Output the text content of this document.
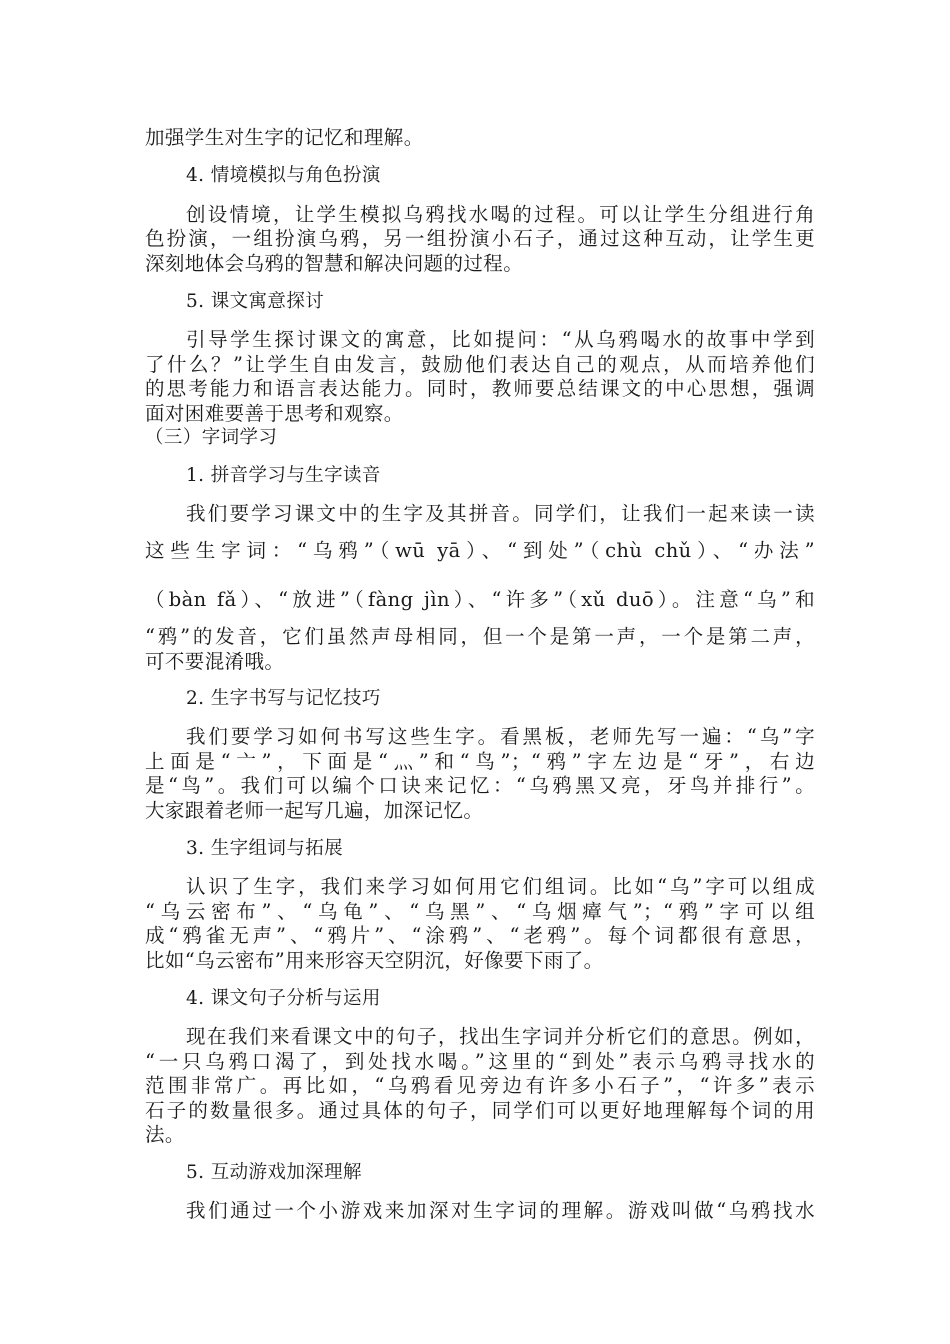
加强学生对生字的记忆和理解。
4. 情境模拟与角色扮演
创设情境，让学生模拟乌鸦找水喝的过程。可以让学生分组进行角
色扮演，一组扮演乌鸦，另一组扮演小石子，通过这种互动，让学生更
深刻地体会乌鸦的智慧和解决问题的过程。
5. 课文寓意探讨
引导学生探讨课文的寓意，比如提问：“从乌鸦喝水的故事中学到
了什么？”让学生自由发言，鼓励他们表达自己的观点，从而培养他们
的思考能力和语言表达能力。同时，教师要总结课文的中心思想，强调
面对困难要善于思考和观察。
（三）字词学习
1. 拼音学习与生字读音
我们要学习课文中的生字及其拼音。同学们，让我们一起来读一读
这些生字词：“乌鸦”（wū yā）、“到处”（chù chǔ）、“办法”
（bàn fǎ）、“放进”（fàng jìn）、“许多”（xǔ duō）。注意“乌”和
“鸦”的发音，它们虽然声母相同，但一个是第一声，一个是第二声，
可不要混淆哦。
2. 生字书写与记忆技巧
我们要学习如何书写这些生字。看黑板，老师先写一遍：“乌”字
上面是“亠”，下面是“灬”和“鸟”；“鸦”字左边是“牙”，右边
是“鸟”。我们可以编个口诀来记忆：“乌鸦黑又亮，牙鸟并排行”。
大家跟着老师一起写几遍，加深记忆。
3. 生字组词与拓展
认识了生字，我们来学习如何用它们组词。比如“乌”字可以组成
“乌云密布”、“乌龟”、“乌黑”、“乌烟瘴气”；“鸦”字可以组
成“鸦雀无声”、“鸦片”、“涂鸦”、“老鸦”。每个词都很有意思，
比如“乌云密布”用来形容天空阴沉，好像要下雨了。
4. 课文句子分析与运用
现在我们来看课文中的句子，找出生字词并分析它们的意思。例如，
“一只乌鸦口渴了，到处找水喝。”这里的“到处”表示乌鸦寻找水的
范围非常广。再比如，“乌鸦看见旁边有许多小石子”，“许多”表示
石子的数量很多。通过具体的句子，同学们可以更好地理解每个词的用
法。
5. 互动游戏加深理解
我们通过一个小游戏来加深对生字词的理解。游戏叫做“乌鸦找水
